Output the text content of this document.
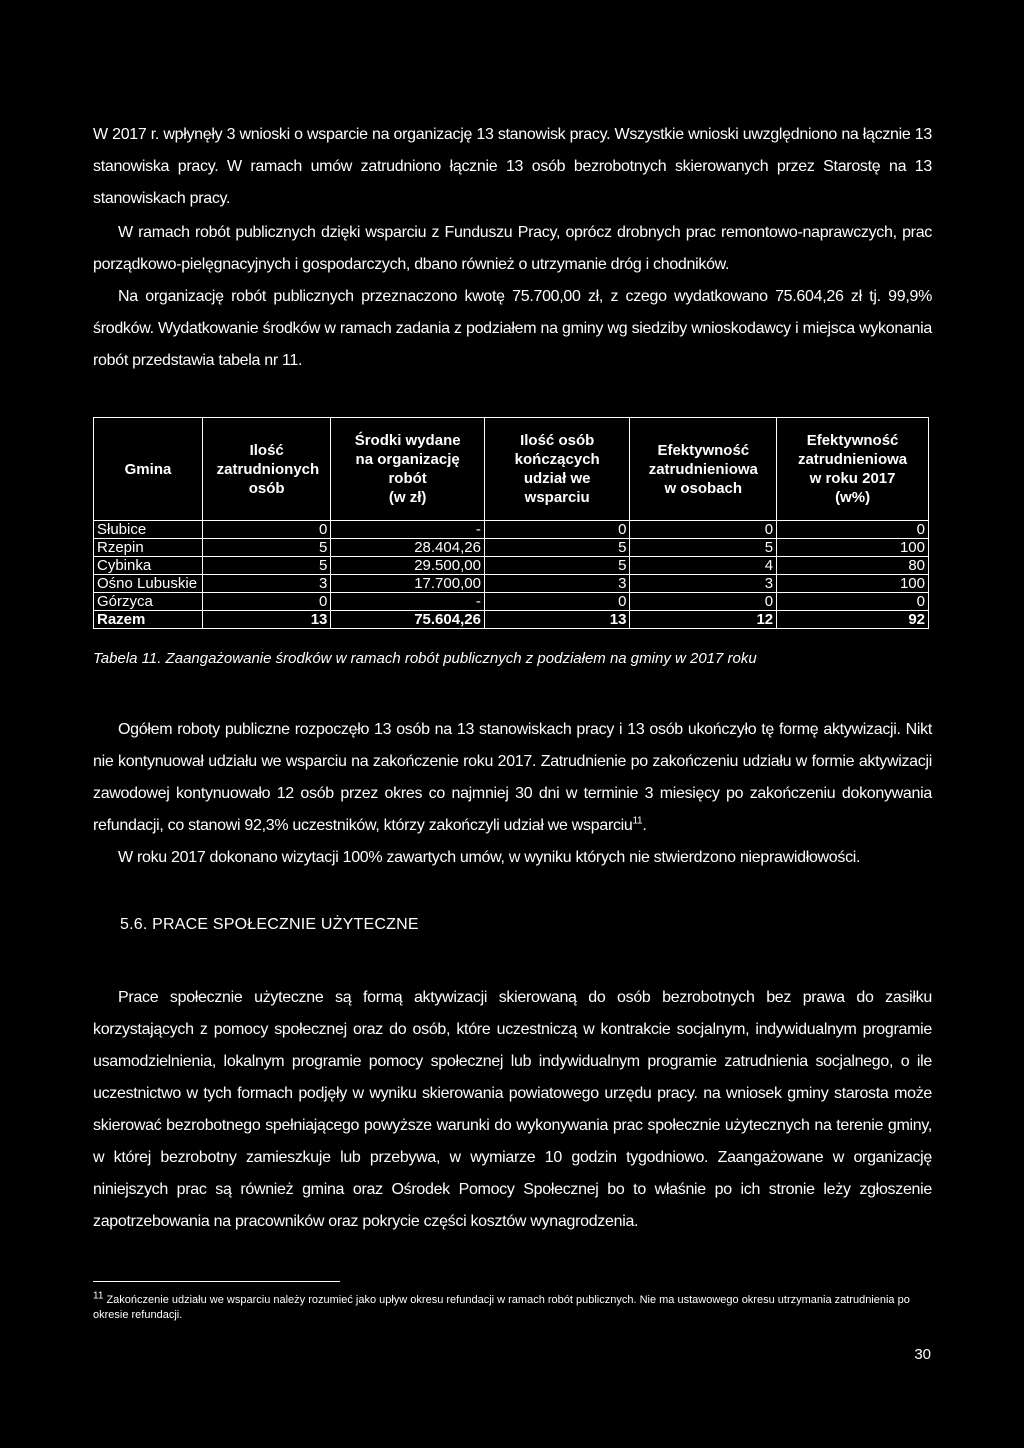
W 2017 r. wpłynęły 3 wnioski o wsparcie na organizację 13 stanowisk pracy. Wszystkie wnioski uwzględniono na łącznie 13 stanowiska pracy. W ramach umów zatrudniono łącznie 13 osób bezrobotnych skierowanych przez Starostę na 13 stanowiskach pracy.

W ramach robót publicznych dzięki wsparciu z Funduszu Pracy, oprócz drobnych prac remontowo-naprawczych, prac porządkowo-pielęgnacyjnych i gospodarczych, dbano również o utrzymanie dróg i chodników.

Na organizację robót publicznych przeznaczono kwotę 75.700,00 zł, z czego wydatkowano 75.604,26 zł tj. 99,9% środków. Wydatkowanie środków w ramach zadania z podziałem na gminy wg siedziby wnioskodawcy i miejsca wykonania robót przedstawia tabela nr 11.

Gmina	Ilość zatrudnionych osób	Środki wydane na organizację robót
(w zł)	Ilość osób kończących udział we wsparciu	Efektywność zatrudnieniowa w osobach	Efektywność zatrudnieniowa w roku 2017
(w%)
Słubice	0	-	0	0	0
Rzepin	5	28.404,26	5	5	100
Cybinka	5	29.500,00	5	4	80
Ośno Lubuskie	3	17.700,00	3	3	100
Górzyca	0	-	0	0	0
Razem	13	75.604,26	13	12	92
Tabela 11. Zaangażowanie środków w ramach robót publicznych z podziałem na gminy w 2017 roku

Ogółem roboty publiczne rozpoczęło 13 osób na 13 stanowiskach pracy i 13 osób ukończyło tę formę aktywizacji. Nikt nie kontynuował udziału we wsparciu na zakończenie roku 2017. Zatrudnienie po zakończeniu udziału w formie aktywizacji zawodowej kontynuowało 12 osób przez okres co najmniej 30 dni w terminie 3 miesięcy po zakończeniu dokonywania refundacji, co stanowi 92,3% uczestników, którzy zakończyli udział we wsparciu$^{11}$.

W roku 2017 dokonano wizytacji 100% zawartych umów, w wyniku których nie stwierdzono nieprawidłowości.

5.6. PRACE SPOŁECZNIE UŻYTECZNE

Prace społecznie użyteczne są formą aktywizacji skierowaną do osób bezrobotnych bez prawa do zasiłku korzystających z pomocy społecznej oraz do osób, które uczestniczą w kontrakcie socjalnym, indywidualnym programie usamodzielnienia, lokalnym programie pomocy społecznej lub indywidualnym programie zatrudnienia socjalnego, o ile uczestnictwo w tych formach podjęły w wyniku skierowania powiatowego urzędu pracy. na wniosek gminy starosta może skierować bezrobotnego spełniającego powyższe warunki do wykonywania prac społecznie użytecznych na terenie gminy, w której bezrobotny zamieszkuje lub przebywa, w wymiarze 10 godzin tygodniowo. Zaangażowane w organizację niniejszych prac są również gmina oraz Ośrodek Pomocy Społecznej bo to właśnie po ich stronie leży zgłoszenie zapotrzebowania na pracowników oraz pokrycie części kosztów wynagrodzenia.

$^{11}$ Zakończenie udziału we wsparciu należy rozumieć jako upływ okresu refundacji w ramach robót publicznych. Nie ma ustawowego okresu utrzymania zatrudnienia po okresie refundacji.
30
